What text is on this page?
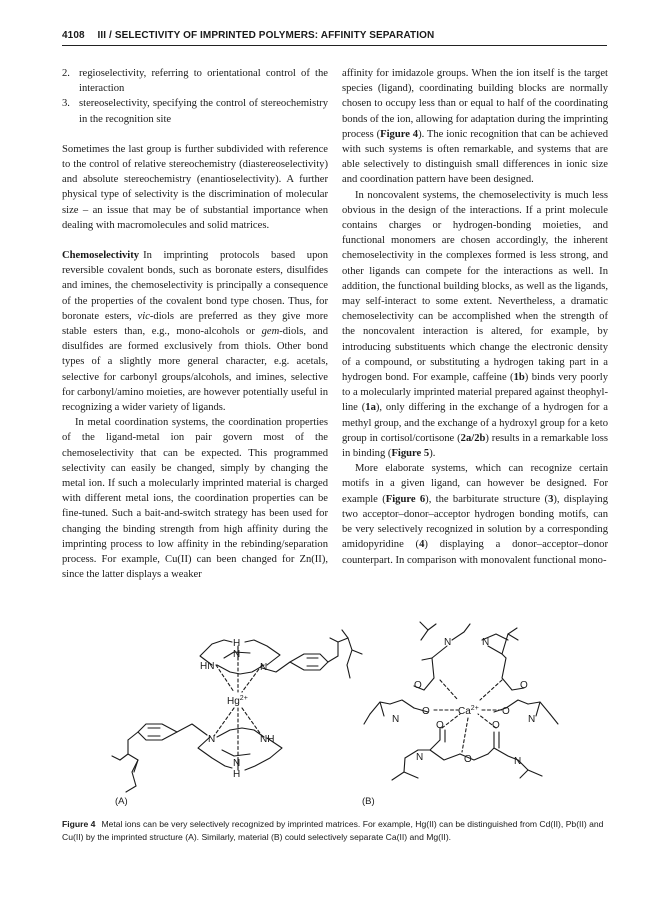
4108 III / SELECTIVITY OF IMPRINTED POLYMERS: AFFINITY SEPARATION
2. regioselectivity, referring to orientational control of the interaction
3. stereoselectivity, specifying the control of stereochemistry in the recognition site

Sometimes the last group is further subdivided with reference to the control of relative stereochemistry (diastereoselectivity) and absolute stereochemistry (enantioselectivity). A further physical type of selectivity is the discrimination of molecular size – an issue that may be of substantial importance when dealing with macromolecules and solid matrices.

Chemoselectivity In imprinting protocols based upon reversible covalent bonds, such as boronate esters, disulfides and imines, the chemoselectivity is principally a consequence of the properties of the covalent bond type chosen. Thus, for boronate esters, vic-diols are preferred as they give more stable esters than, e.g., mono-alcohols or gem-diols, and disulfides are formed exclusively from thiols. Other bond types of a slightly more general character, e.g. acetals, selective for carbonyl groups/alcohols, and imines, selective for carbonyl/amino moieties, are however potentially useful in recognizing a wider variety of ligands.

In metal coordination systems, the coordination properties of the ligand-metal ion pair govern most of the chemoselectivity that can be expected. This programmed selectivity can easily be changed, simply by changing the metal ion. If such a molecularly imprinted material is charged with different metal ions, the coordination properties can be fine-tuned. Such a bait-and-switch strategy has been used for changing the binding strength from high affinity during the imprinting process to low affinity in the rebinding/separation process. For example, Cu(II) can been changed for Zn(II), since the latter displays a weaker

affinity for imidazole groups. When the ion itself is the target species (ligand), coordinating building blocks are normally chosen to occupy less than or equal to half of the coordinating bonds of the ion, allowing for adaptation during the imprinting process (Figure 4). The ionic recognition that can be achieved with such systems is often remarkable, and systems that are able selectively to distinguish small differences in ionic size and coordination pattern have been designed.

In noncovalent systems, the chemoselectivity is much less obvious in the design of the interactions. If a print molecule contains charges or hydrogen-bonding moieties, and functional monomers are chosen accordingly, the inherent chemoselectivity in the complexes formed is less strong, and other ligands can compete for the interactions as well. In addition, the functional building blocks, as well as the ligands, may self-interact to some extent. Nevertheless, a dramatic chemoselectivity can be accomplished when the strength of the noncovalent interaction is altered, for example, by introducing substituents which change the electronic density of a compound, or substituting a hydrogen taking part in a hydrogen bond. For example, caffeine (1b) binds very poorly to a molecularly imprinted material prepared against theophylline (1a), only differing in the exchange of a hydrogen for a methyl group, and the exchange of a hydroxyl group for a keto group in cortisol/cortisone (2a/2b) results in a remarkable loss in binding (Figure 5).

More elaborate systems, which can recognize certain motifs in a given ligand, can however be designed. For example (Figure 6), the barbiturate structure (3), displaying two acceptor–donor–acceptor hydrogen bonding motifs, can be very selectively recognized in solution by a corresponding amidopyridine (4) displaying a donor–acceptor–donor counterpart. In comparison with monovalent functional mono-

H
N
HN	N
$Hg^{2+}$
N	NH
N
H
(A)
N	N
O	O
N
O	$Ca^{2+}$ O
N
O	O
N	O	N
(B)
Figure 4 Metal ions can be very selectively recognized by imprinted matrices. For example, Hg(II) can be distinguished from Cd(II), Pb(II) and Cu(II) by the imprinted structure (A). Similarly, material (B) could selectively separate Ca(II) and Mg(II).
